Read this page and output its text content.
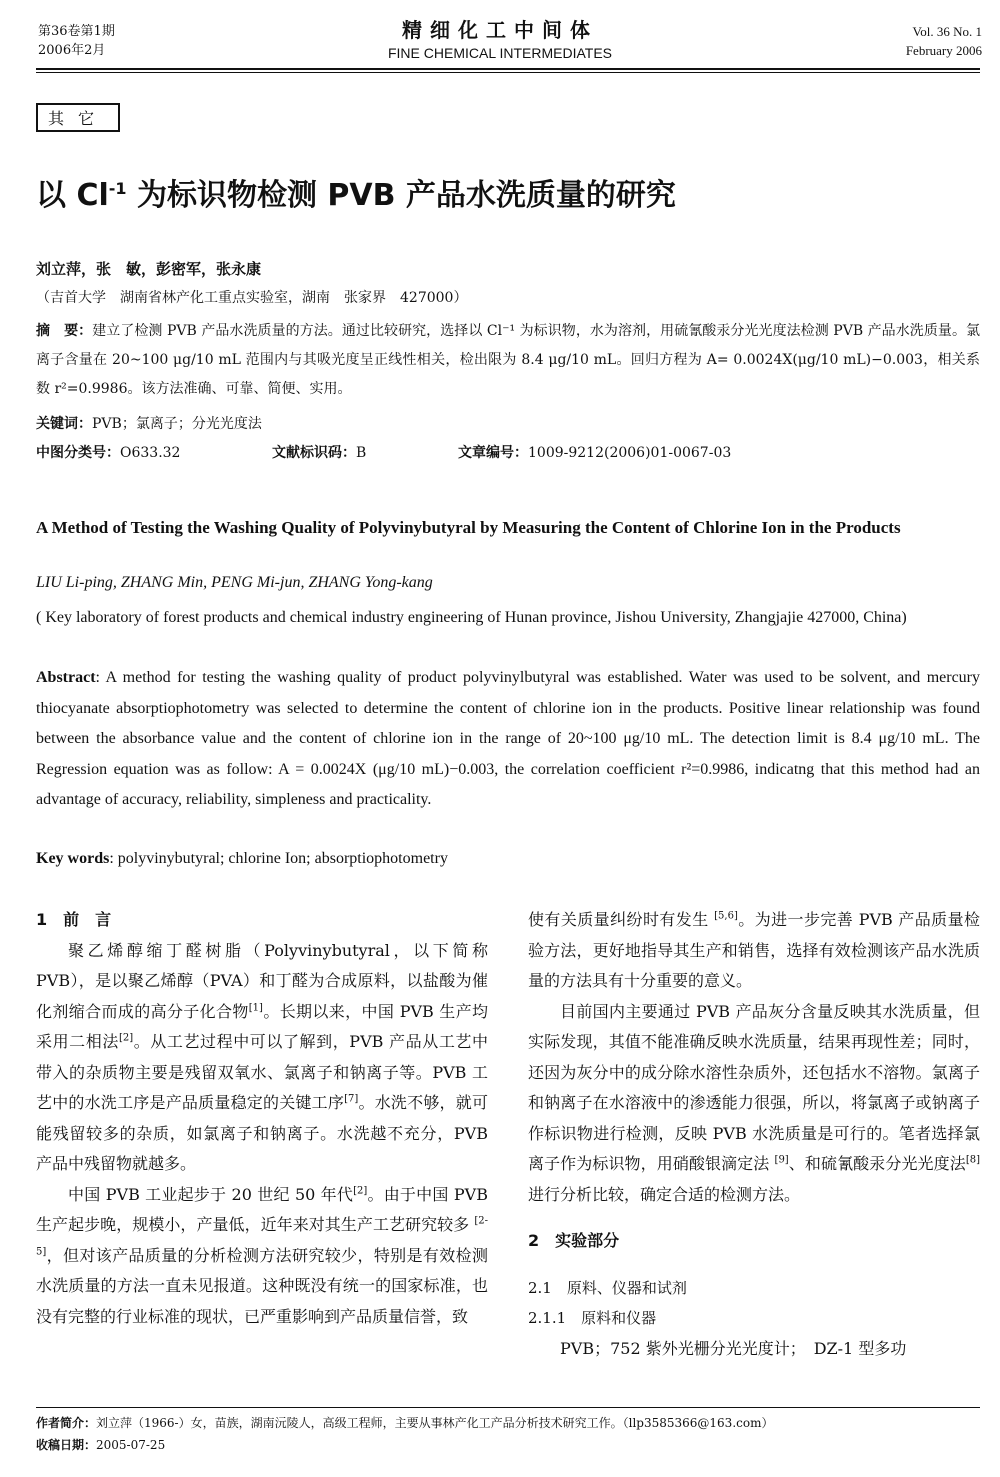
第36卷第1期
2006年2月
精细化工中间体
FINE CHEMICAL INTERMEDIATES
Vol. 36 No. 1
February 2006
其它
以 $Cl^{-1}$ 为标识物检测 PVB 产品水洗质量的研究
刘立萍，张　敏，彭密军，张永康
（吉首大学　湖南省林产化工重点实验室，湖南　张家界　427000）
摘　要：建立了检测 PVB 产品水洗质量的方法。通过比较研究，选择以 Cl⁻¹ 为标识物，水为溶剂，用硫氰酸汞分光光度法检测 PVB 产品水洗质量。氯离子含量在 20~100 μg/10 mL 范围内与其吸光度呈正线性相关，检出限为 8.4 μg/10 mL。回归方程为 A= 0.0024X(μg/10 mL)−0.003，相关系数 r²=0.9986。该方法准确、可靠、简便、实用。
关键词：PVB；氯离子；分光光度法
中图分类号：O633.32	文献标识码：B	文章编号：1009-9212(2006)01-0067-03
A Method of Testing the Washing Quality of Polyvinybutyral by Measuring the Content of Chlorine Ion in the Products
LIU Li-ping, ZHANG Min, PENG Mi-jun, ZHANG Yong-kang
( Key laboratory of forest products and chemical industry engineering of Hunan province, Jishou University, Zhangjajie 427000, China)
Abstract: A method for testing the washing quality of product polyvinylbutyral was established. Water was used to be solvent, and mercury thiocyanate absorptiophotometry was selected to determine the content of chlorine ion in the products. Positive linear relationship was found between the absorbance value and the content of chlorine ion in the range of 20~100 μg/10 mL. The detection limit is 8.4 μg/10 mL. The Regression equation was as follow: A = 0.0024X (μg/10 mL)−0.003, the correlation coefficient r²=0.9986, indicatng that this method had an advantage of accuracy, reliability, simpleness and practicality.
Key words: polyvinybutyral; chlorine Ion; absorptiophotometry
1　前　言

聚乙烯醇缩丁醛树脂（Polyvinybutyral，以下简称 PVB），是以聚乙烯醇（PVA）和丁醛为合成原料，以盐酸为催化剂缩合而成的高分子化合物[1]。长期以来，中国 PVB 生产均采用二相法[2]。从工艺过程中可以了解到，PVB 产品从工艺中带入的杂质物主要是残留双氧水、氯离子和钠离子等。PVB 工艺中的水洗工序是产品质量稳定的关键工序[7]。水洗不够，就可能残留较多的杂质，如氯离子和钠离子。水洗越不充分，PVB 产品中残留物就越多。

中国 PVB 工业起步于 20 世纪 50 年代[2]。由于中国 PVB 生产起步晚，规模小，产量低，近年来对其生产工艺研究较多 [2-5]，但对该产品质量的分析检测方法研究较少，特别是有效检测水洗质量的方法一直未见报道。这种既没有统一的国家标准，也没有完整的行业标准的现状，已严重影响到产品质量信誉，致

使有关质量纠纷时有发生 [5,6]。为进一步完善 PVB 产品质量检验方法，更好地指导其生产和销售，选择有效检测该产品水洗质量的方法具有十分重要的意义。

目前国内主要通过 PVB 产品灰分含量反映其水洗质量，但实际发现，其值不能准确反映水洗质量，结果再现性差；同时，还因为灰分中的成分除水溶性杂质外，还包括水不溶物。氯离子和钠离子在水溶液中的渗透能力很强，所以，将氯离子或钠离子作标识物进行检测，反映 PVB 水洗质量是可行的。笔者选择氯离子作为标识物，用硝酸银滴定法 [9]、和硫氰酸汞分光光度法[8]进行分析比较，确定合适的检测方法。

2　实验部分

2.1　原料、仪器和试剂

2.1.1　原料和仪器

PVB；752 紫外光栅分光光度计；　DZ-1 型多功

作者简介：刘立萍（1966-）女，苗族，湖南沅陵人，高级工程师，主要从事林产化工产品分析技术研究工作。（llp3585366@163.com）
收稿日期：2005-07-25
